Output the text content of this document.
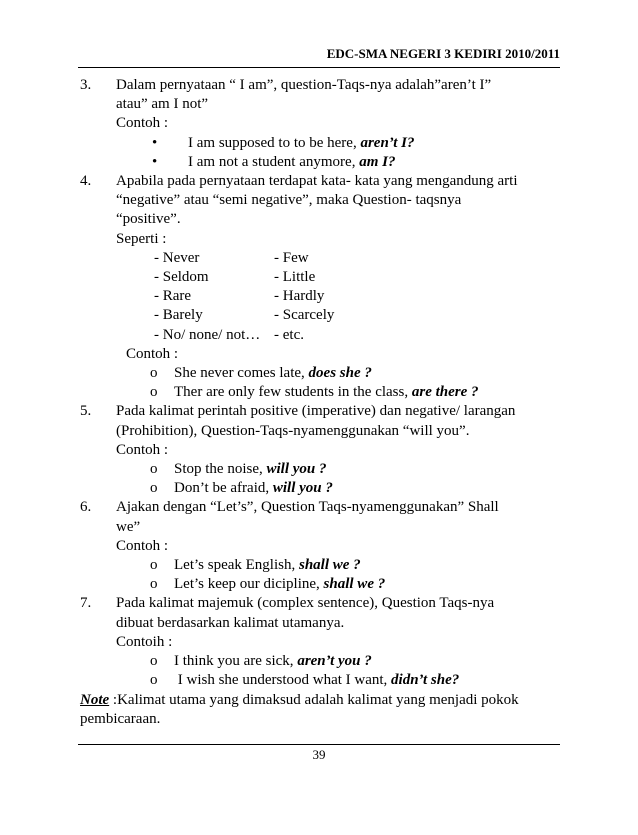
EDC-SMA NEGERI 3 KEDIRI 2010/2011
3. Dalam pernyataan “ I am”, question-Taqs-nya adalah”aren’t I”
atau” am I not”
Contoh :
• I am supposed to to be here, aren’t I?
• I am not a student anymore, am I?
4. Apabila pada pernyataan terdapat kata- kata yang mengandung arti
“negative” atau “semi negative”, maka Question- taqsnya
“positive”.
Seperti :
- Never	- Few
- Seldom	- Little
- Rare	- Hardly
- Barely	- Scarcely
- No/ none/ not… - etc.
Contoh :
o She never comes late, does she ?
o Ther are only few students in the class, are there ?
5. Pada kalimat perintah positive (imperative) dan negative/ larangan
(Prohibition), Question-Taqs-nyamenggunakan “will you”.
Contoh :
o Stop the noise, will you ?
o Don’t be afraid, will you ?
6. Ajakan dengan “Let’s”, Question Taqs-nyamenggunakan” Shall
we”
Contoh :
o Let’s speak English, shall we ?
o Let’s keep our dicipline, shall we ?
7. Pada kalimat majemuk (complex sentence), Question Taqs-nya
dibuat berdasarkan kalimat utamanya.
Contoih :
o I think you are sick, aren’t you ?
o I wish she understood what I want, didn’t she?
Note :Kalimat utama yang dimaksud adalah kalimat yang menjadi pokok
pembicaraan.
39
